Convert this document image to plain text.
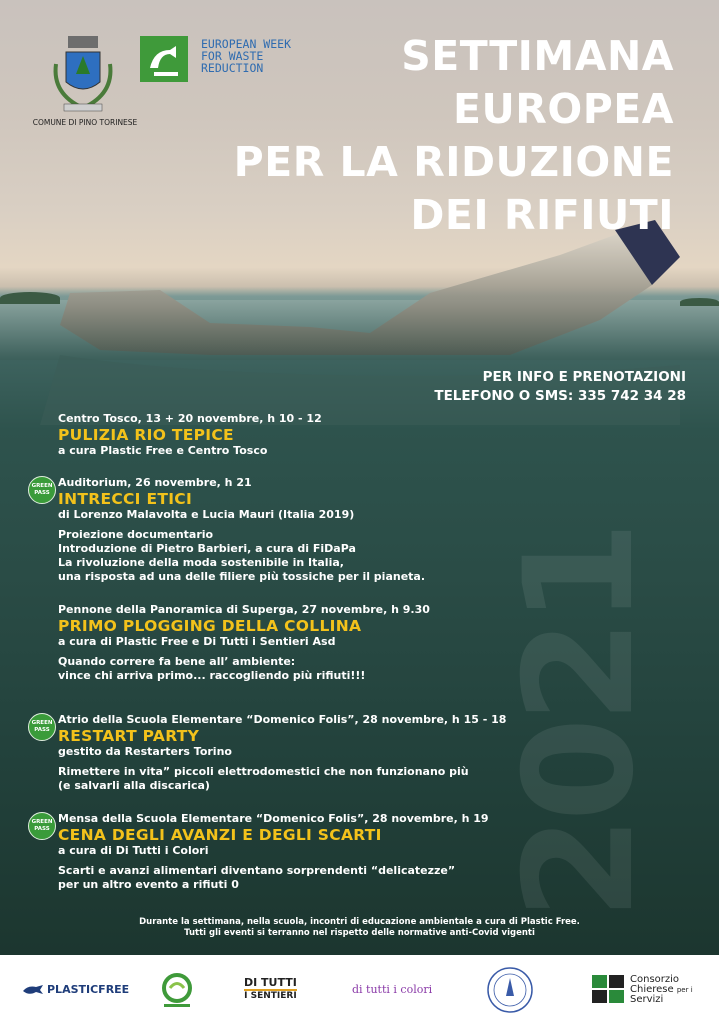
2021
COMUNE DI PINO TORINESE
EUROPEAN WEEK
FOR WASTE
REDUCTION	SETTIMANA
EUROPEA
PER LA RIDUZIONE
DEI RIFIUTI
PER INFO E PRENOTAZIONI
TELEFONO O SMS: 335 742 34 28
Centro Tosco, 13 + 20 novembre, h 10 - 12
PULIZIA RIO TEPICE
a cura Plastic Free e Centro Tosco
GREEN
PASS
Auditorium, 26 novembre, h 21
INTRECCI ETICI
di Lorenzo Malavolta e Lucia Mauri (Italia 2019)
Proiezione documentario
Introduzione di Pietro Barbieri, a cura di FiDaPa
La rivoluzione della moda sostenibile in Italia,
una risposta ad una delle filiere più tossiche per il pianeta.
Pennone della Panoramica di Superga, 27 novembre, h 9.30
PRIMO PLOGGING DELLA COLLINA
a cura di Plastic Free e Di Tutti i Sentieri Asd
Quando correre fa bene all’ ambiente:
vince chi arriva primo... raccogliendo più rifiuti!!!
GREEN
PASS
Atrio della Scuola Elementare “Domenico Folis”, 28 novembre, h 15 - 18
RESTART PARTY
gestito da Restarters Torino
Rimettere in vita” piccoli elettrodomestici che non funzionano più
(e salvarli alla discarica)
GREEN
PASS
Mensa della Scuola Elementare “Domenico Folis”, 28 novembre, h 19
CENA DEGLI AVANZI E DEGLI SCARTI
a cura di Di Tutti i Colori
Scarti e avanzi alimentari diventano sorprendenti “delicatezze”
per un altro evento a rifiuti 0
Durante la settimana, nella scuola, incontri di educazione ambientale a cura di Plastic Free.
Tutti gli eventi si terranno nel rispetto delle normative anti-Covid vigenti
PLASTICFREE
DI TUTTI
I SENTIERI	di tutti i colori
Consorzio
Chierese per i
Servizi
